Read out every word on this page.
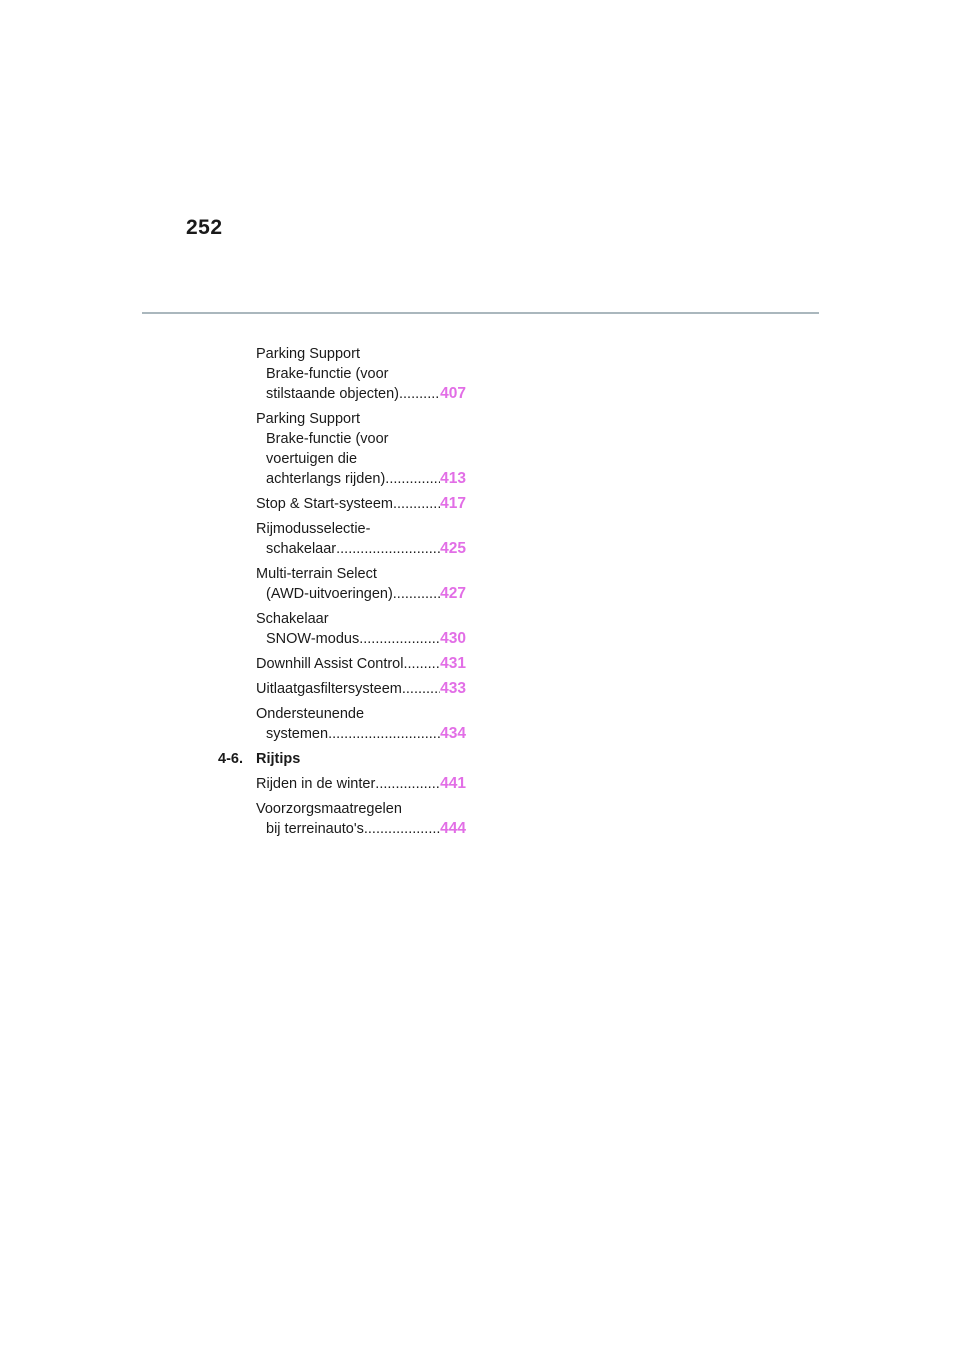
252
Parking Support
Brake-functie (voor
stilstaande objecten) .....	407
Parking Support
Brake-functie (voor
voertuigen die
achterlangs rijden) .....	413
Stop & Start-systeem .....	417
Rijmodusselectie-
schakelaar .....	425
Multi-terrain Select
(AWD-uitvoeringen) .....	427
Schakelaar
SNOW-modus .....	430
Downhill Assist Control ..... 431
Uitlaatgasfiltersysteem ..... 433
Ondersteunende
systemen .....	434
4-6. Rijtips
Rijden in de winter .....	441
Voorzorgsmaatregelen
bij terreinauto's .....	444
